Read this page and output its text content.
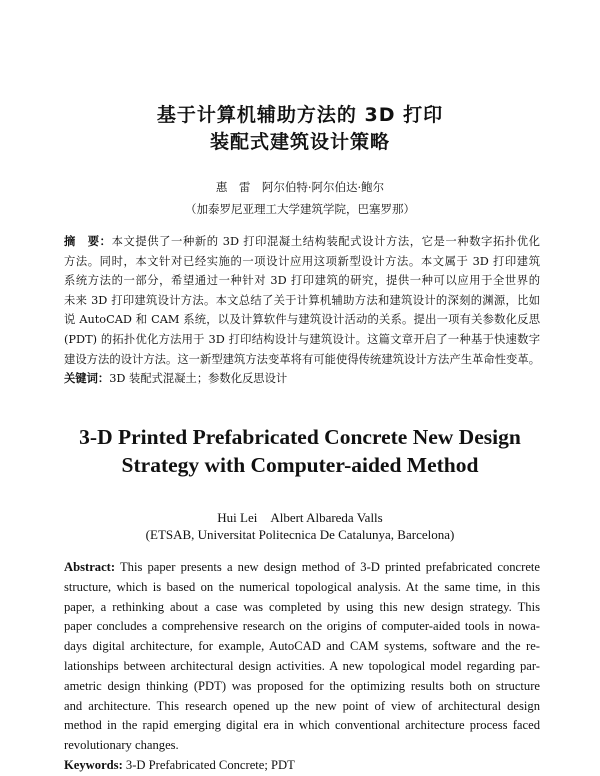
基于计算机辅助方法的 3D 打印
装配式建筑设计策略
惠　雷　阿尔伯特·阿尔伯达·鲍尔
（加泰罗尼亚理工大学建筑学院，巴塞罗那）
摘　要：本文提供了一种新的 3D 打印混凝土结构装配式设计方法，它是一种数字拓扑优化
方法。同时，本文针对已经实施的一项设计应用这项新型设计方法。本文属于 3D 打印建筑
系统方法的一部分，希望通过一种针对 3D 打印建筑的研究，提供一种可以应用于全世界的
未来 3D 打印建筑设计方法。本文总结了关于计算机辅助方法和建筑设计的深刻的渊源，比如
说 AutoCAD 和 CAM 系统，以及计算软件与建筑设计活动的关系。提出一项有关参数化反思
(PDT) 的拓扑优化方法用于 3D 打印结构设计与建筑设计。这篇文章开启了一种基于快速数字
建设方法的设计方法。这一新型建筑方法变革将有可能使得传统建筑设计方法产生革命性变革。
关键词：3D 装配式混凝土；参数化反思设计
3-D Printed Prefabricated Concrete New Design
Strategy with Computer-aided Method
Hui Lei　Albert Albareda Valls
(ETSAB, Universitat Politecnica De Catalunya, Barcelona)
Abstract: This paper presents a new design method of 3-D printed prefabricated concrete
structure, which is based on the numerical topological analysis. At the same time, in this
paper, a rethinking about a case was completed by using this new design strategy. This
paper concludes a comprehensive research on the origins of computer-aided tools in nowa-
days digital architecture, for example, AutoCAD and CAM systems, software and the re-
lationships between architectural design activities. A new topological model regarding par-
ametric design thinking (PDT) was proposed for the optimizing results both on structure
and architecture. This research opened up the new point of view of architectural design
method in the rapid emerging digital era in which conventional architecture process faced
revolutionary changes.
Keywords: 3-D Prefabricated Concrete; PDT
